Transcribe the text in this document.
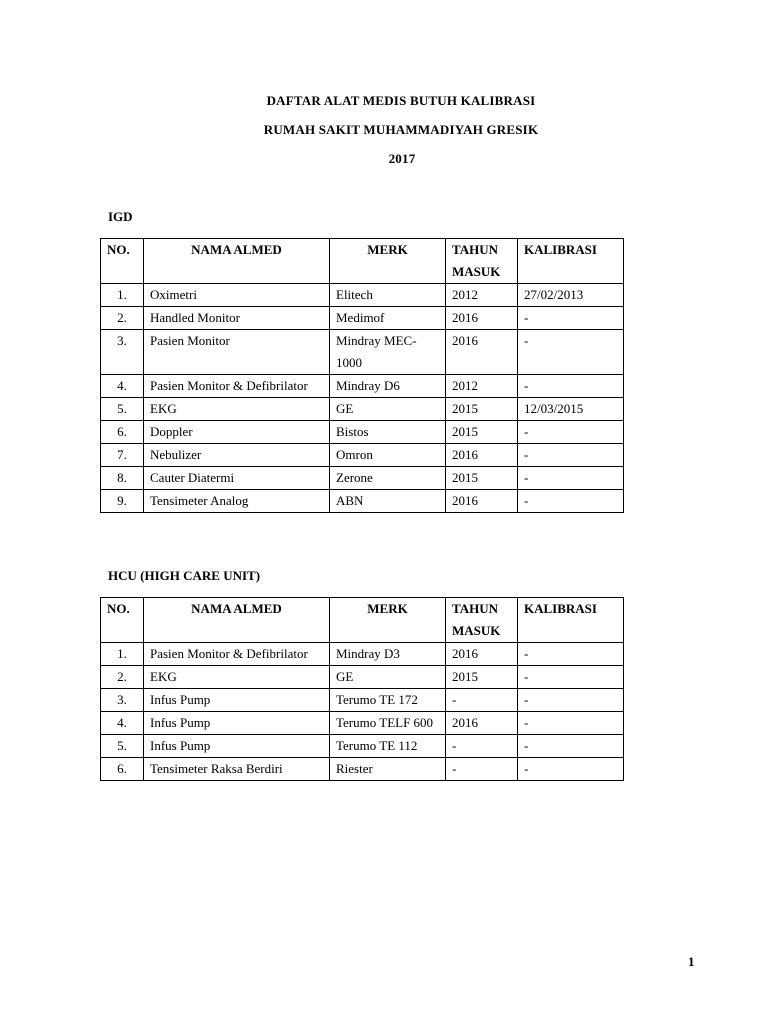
DAFTAR ALAT MEDIS BUTUH KALIBRASI
RUMAH SAKIT MUHAMMADIYAH GRESIK
2017
IGD
NO.	NAMA ALMED	MERK	TAHUN MASUK	KALIBRASI
1.	Oximetri	Elitech	2012	27/02/2013
2.	Handled Monitor	Medimof	2016	-
3.	Pasien Monitor	Mindray MEC-1000	2016	-
4.	Pasien Monitor & Defibrilator	Mindray D6	2012	-
5.	EKG	GE	2015	12/03/2015
6.	Doppler	Bistos	2015	-
7.	Nebulizer	Omron	2016	-
8.	Cauter Diatermi	Zerone	2015	-
9.	Tensimeter Analog	ABN	2016	-
HCU (HIGH CARE UNIT)
NO.	NAMA ALMED	MERK	TAHUN MASUK	KALIBRASI
1.	Pasien Monitor & Defibrilator	Mindray D3	2016	-
2.	EKG	GE	2015	-
3.	Infus Pump	Terumo TE 172	-	-
4.	Infus Pump	Terumo TELF 600	2016	-
5.	Infus Pump	Terumo TE 112	-	-
6.	Tensimeter Raksa Berdiri	Riester	-	-
1
